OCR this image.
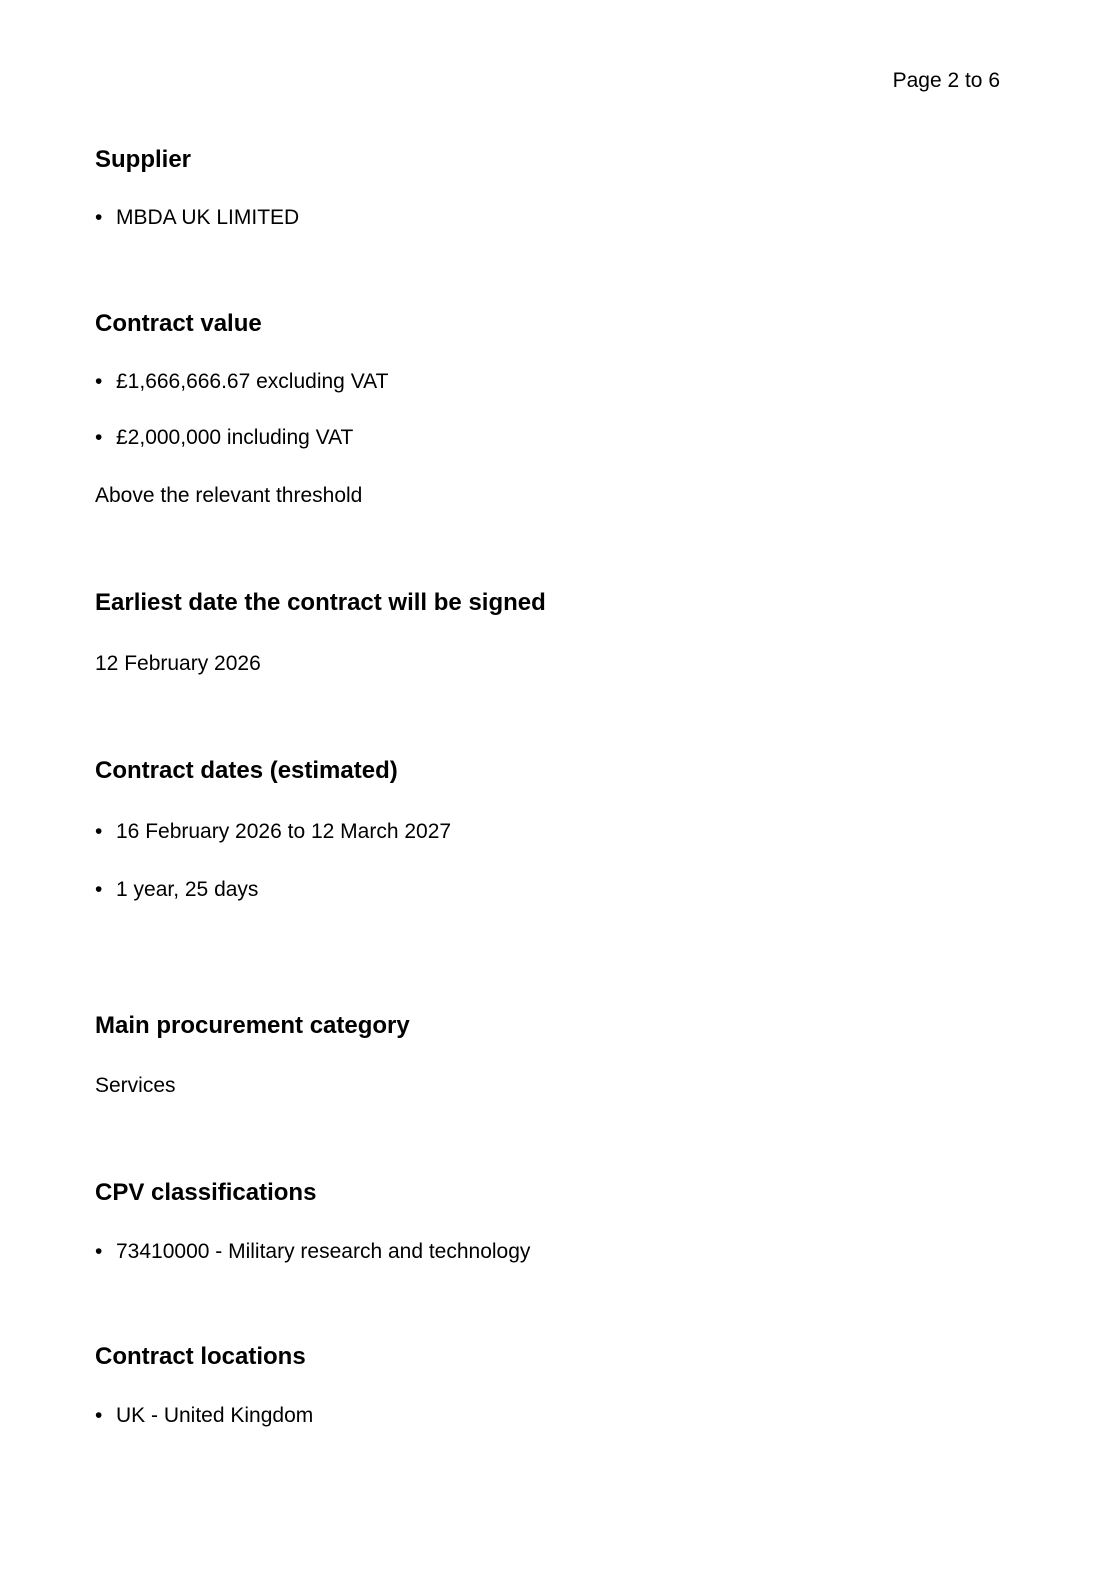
Page 2 to 6
Supplier
• MBDA UK LIMITED
Contract value
• £1,666,666.67 excluding VAT
• £2,000,000 including VAT
Above the relevant threshold
Earliest date the contract will be signed
12 February 2026
Contract dates (estimated)
• 16 February 2026 to 12 March 2027
• 1 year, 25 days
Main procurement category
Services
CPV classifications
• 73410000 - Military research and technology
Contract locations
• UK - United Kingdom
